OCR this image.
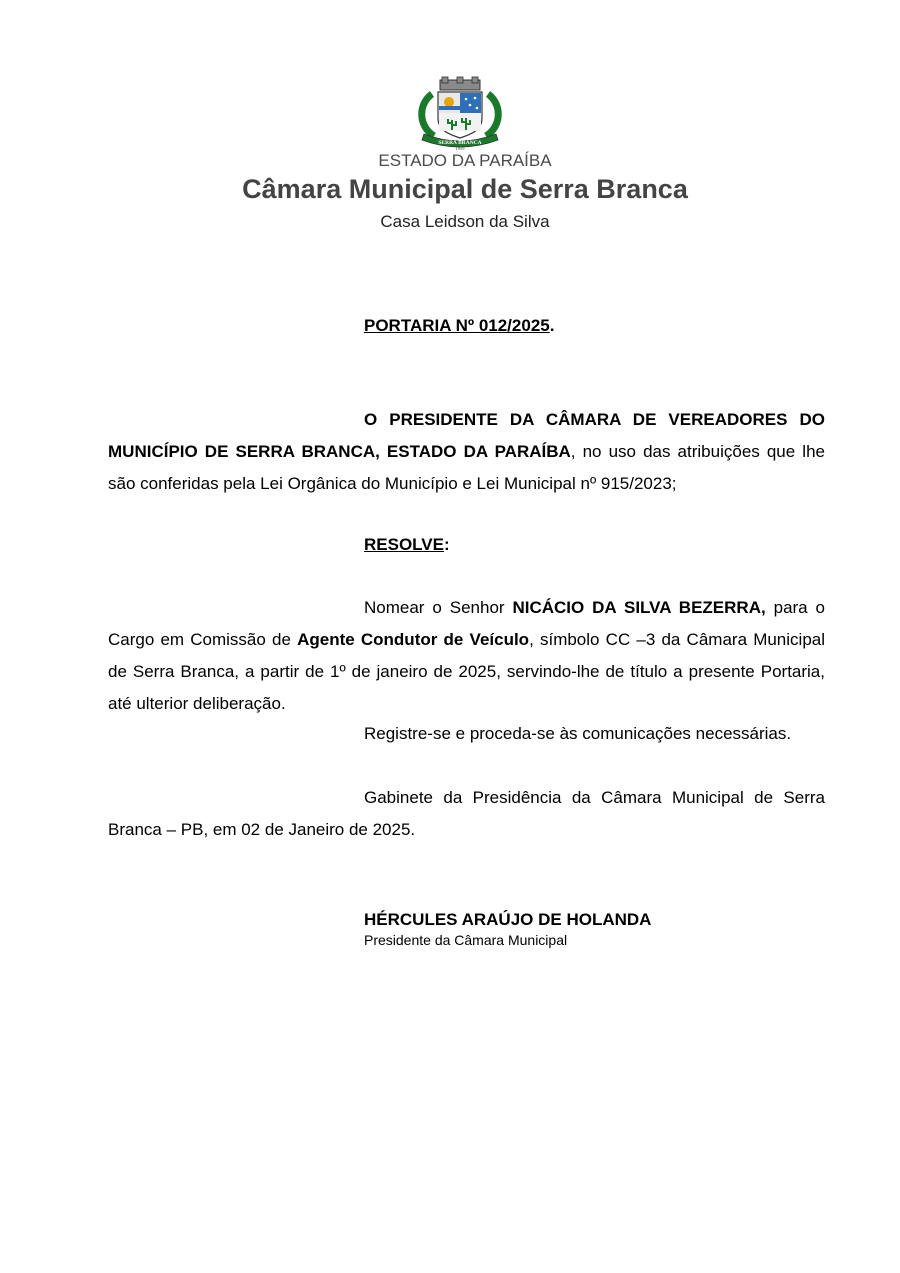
SERRA BRANCA
1959
ESTADO DA PARAÍBA
Câmara Municipal de Serra Branca
Casa Leidson da Silva
PORTARIA Nº 012/2025.
O PRESIDENTE DA CÂMARA DE VEREADORES DO MUNICÍPIO DE SERRA BRANCA, ESTADO DA PARAÍBA, no uso das atribuições que lhe são conferidas pela Lei Orgânica do Município e Lei Municipal nº 915/2023;
RESOLVE:
Nomear o Senhor NICÁCIO DA SILVA BEZERRA, para o Cargo em Comissão de Agente Condutor de Veículo, símbolo CC –3 da Câmara Municipal de Serra Branca, a partir de 1º de janeiro de 2025, servindo-lhe de título a presente Portaria, até ulterior deliberação.
Registre-se e proceda-se às comunicações necessárias.
Gabinete da Presidência da Câmara Municipal de Serra Branca – PB, em 02 de Janeiro de 2025.
HÉRCULES ARAÚJO DE HOLANDA
Presidente da Câmara Municipal
